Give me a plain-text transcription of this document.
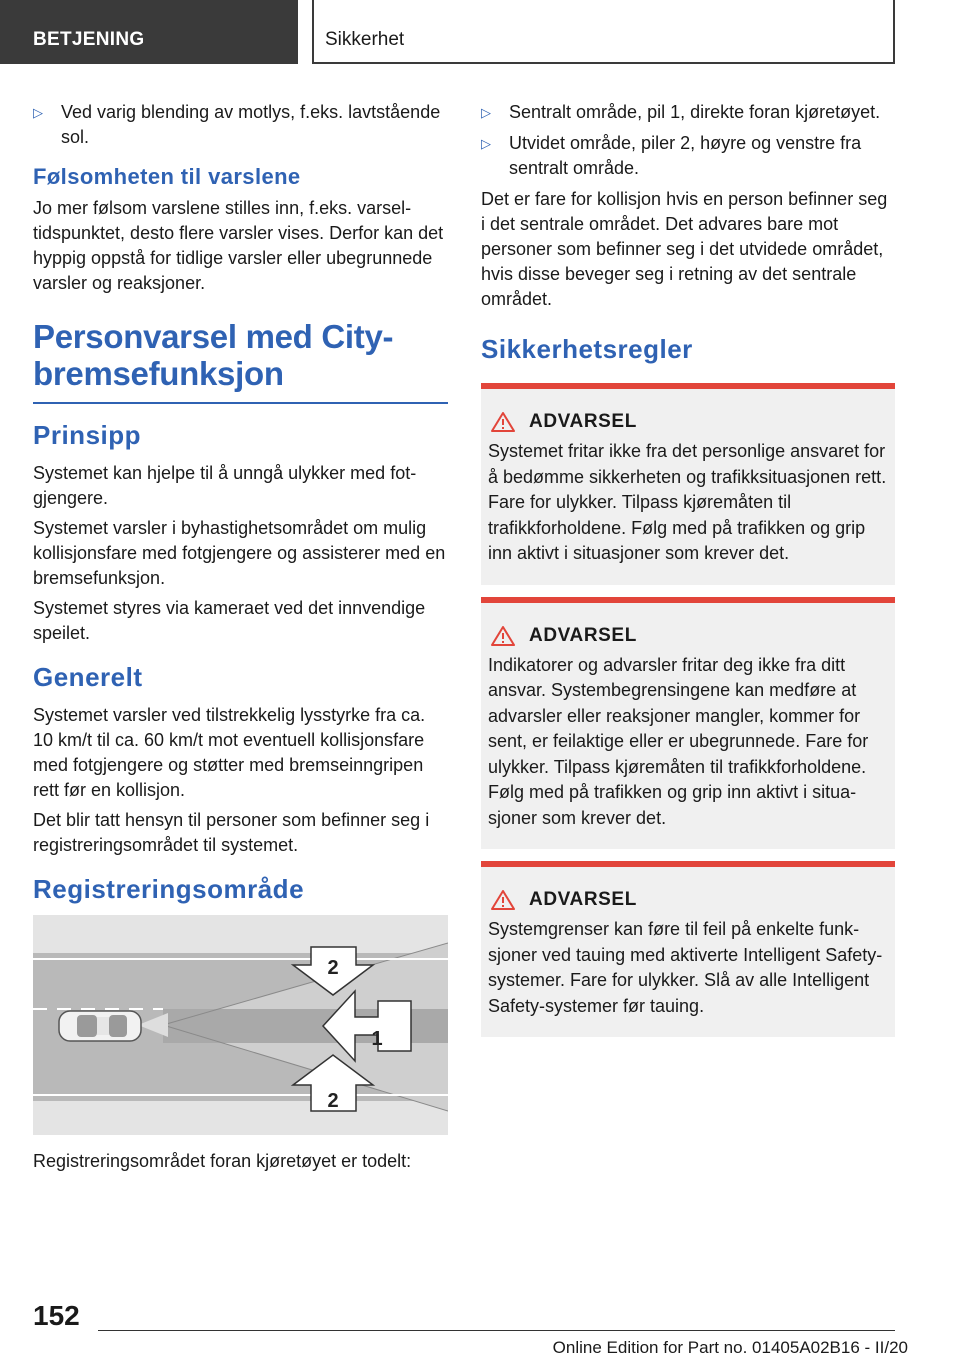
BETJENING	Sikkerhet
▷ Ved varig blending av motlys, f.eks. lavtstående sol.
Følsomheten til varslene

Jo mer følsom varslene stilles inn, f.eks. varseltidspunktet, desto flere varsler vises. Derfor kan det hyppig oppstå for tidlige varsler eller ubegrunnede varsler og reaksjoner.

Personvarsel med City-bremsefunksjon
Prinsipp

Systemet kan hjelpe til å unngå ulykker med fotgjengere.

Systemet varsler i byhastighetsområdet om mulig kollisjonsfare med fotgjengere og assisterer med en bremsefunksjon.

Systemet styres via kameraet ved det innvendige speilet.

Generelt

Systemet varsler ved tilstrekkelig lysstyrke fra ca. 10 km/t til ca. 60 km/t mot eventuell kollisjonsfare med fotgjengere og støtter med bremseinngripen rett før en kollisjon.

Det blir tatt hensyn til personer som befinner seg i registreringsområdet til systemet.

Registreringsområde
2
1
2

Registreringsområdet foran kjøretøyet er todelt:

▷ Sentralt område, pil 1, direkte foran kjøretøyet.
▷ Utvidet område, piler 2, høyre og venstre fra sentralt område.

Det er fare for kollisjon hvis en person befinner seg i det sentrale området. Det advares bare mot personer som befinner seg i det utvidede området, hvis disse beveger seg i retning av det sentrale området.

Sikkerhetsregler
ADVARSEL

Systemet fritar ikke fra det personlige ansvaret for å bedømme sikkerheten og trafikksituasjonen rett. Fare for ulykker. Tilpass kjøremåten til trafikkforholdene. Følg med på trafikken og grip inn aktivt i situasjoner som krever det.

ADVARSEL

Indikatorer og advarsler fritar deg ikke fra ditt ansvar. Systembegrensingene kan medføre at advarsler eller reaksjoner mangler, kommer for sent, er feilaktige eller er ubegrunnede. Fare for ulykker. Tilpass kjøremåten til trafikkforholdene. Følg med på trafikken og grip inn aktivt i situasjoner som krever det.

ADVARSEL

Systemgrenser kan føre til feil på enkelte funksjoner ved tauing med aktiverte Intelligent Safety-systemer. Fare for ulykker. Slå av alle Intelligent Safety-systemer før tauing.

152
Online Edition for Part no. 01405A02B16 - II/20
